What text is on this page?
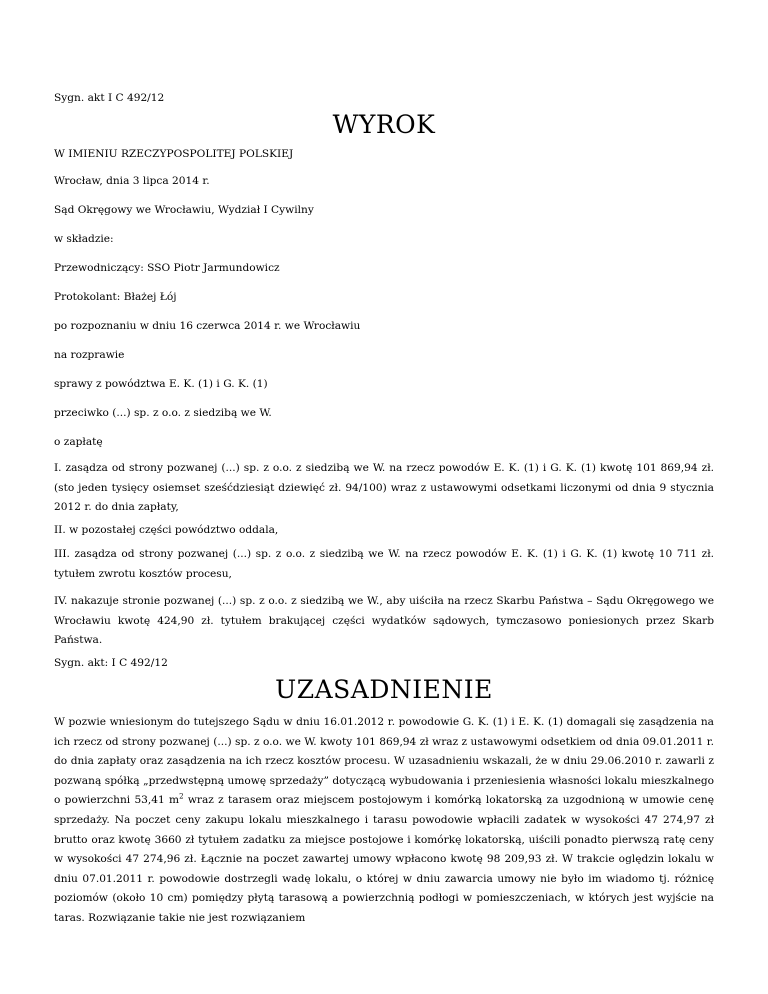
Sygn. akt I C 492/12
WYROK
W IMIENIU RZECZYPOSPOLITEJ POLSKIEJ
Wrocław, dnia 3 lipca 2014 r.
Sąd Okręgowy we Wrocławiu, Wydział I Cywilny
w składzie:
Przewodniczący: SSO Piotr Jarmundowicz
Protokolant: Błażej Łój
po rozpoznaniu w dniu 16 czerwca 2014 r. we Wrocławiu
na rozprawie
sprawy z powództwa E. K. (1) i G. K. (1)
przeciwko (...) sp. z o.o. z siedzibą we W.
o zapłatę
I. zasądza od strony pozwanej (...) sp. z o.o. z siedzibą we W. na rzecz powodów E. K. (1) i G. K. (1) kwotę 101 869,94 zł. (sto jeden tysięcy osiemset sześćdziesiąt dziewięć zł. 94/100) wraz z ustawowymi odsetkami liczonymi od dnia 9 stycznia 2012 r. do dnia zapłaty,
II. w pozostałej części powództwo oddala,
III. zasądza od strony pozwanej (...) sp. z o.o. z siedzibą we W. na rzecz powodów E. K. (1) i G. K. (1) kwotę 10 711 zł. tytułem zwrotu kosztów procesu,
IV. nakazuje stronie pozwanej (...) sp. z o.o. z siedzibą we W., aby uiściła na rzecz Skarbu Państwa – Sądu Okręgowego we Wrocławiu kwotę 424,90 zł. tytułem brakującej części wydatków sądowych, tymczasowo poniesionych przez Skarb Państwa.
Sygn. akt: I C 492/12
UZASADNIENIE
W pozwie wniesionym do tutejszego Sądu w dniu 16.01.2012 r. powodowie G. K. (1) i E. K. (1) domagali się zasądzenia na ich rzecz od strony pozwanej (...) sp. z o.o. we W. kwoty 101 869,94 zł wraz z ustawowymi odsetkiem od dnia 09.01.2011 r. do dnia zapłaty oraz zasądzenia na ich rzecz kosztów procesu. W uzasadnieniu wskazali, że w dniu 29.06.2010 r. zawarli z pozwaną spółką „przedwstępną umowę sprzedaży” dotyczącą wybudowania i przeniesienia własności lokalu mieszkalnego o powierzchni 53,41 $m^2$ wraz z tarasem oraz miejscem postojowym i komórką lokatorską za uzgodnioną w umowie cenę sprzedaży. Na poczet ceny zakupu lokalu mieszkalnego i tarasu powodowie wpłacili zadatek w wysokości 47 274,97 zł brutto oraz kwotę 3660 zł tytułem zadatku za miejsce postojowe i komórkę lokatorską, uiścili ponadto pierwszą ratę ceny w wysokości 47 274,96 zł. Łącznie na poczet zawartej umowy wpłacono kwotę 98 209,93 zł. W trakcie oględzin lokalu w dniu 07.01.2011 r. powodowie dostrzegli wadę lokalu, o której w dniu zawarcia umowy nie było im wiadomo tj. różnicę poziomów (około 10 cm) pomiędzy płytą tarasową a powierzchnią podłogi w pomieszczeniach, w których jest wyjście na taras. Rozwiązanie takie nie jest rozwiązaniem
